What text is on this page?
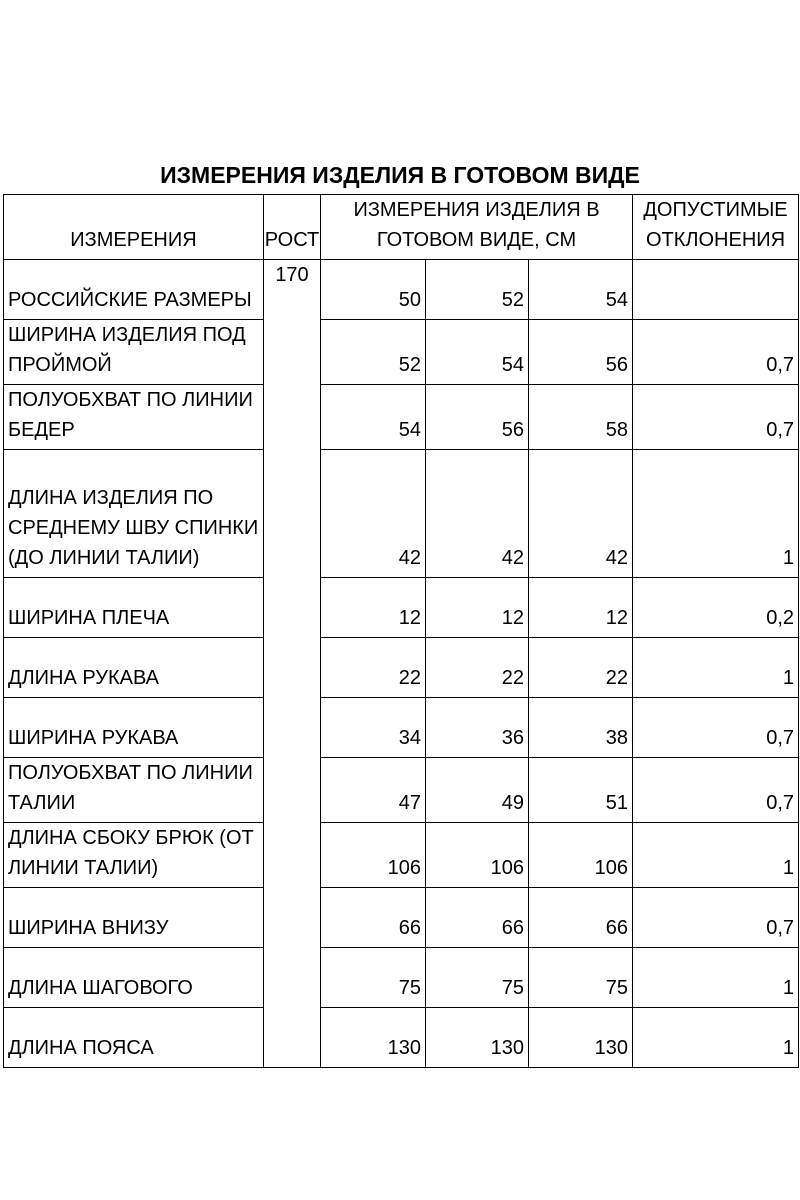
ИЗМЕРЕНИЯ ИЗДЕЛИЯ В ГОТОВОМ ВИДЕ
ИЗМЕРЕНИЯ	РОСТ	ИЗМЕРЕНИЯ ИЗДЕЛИЯ В ГОТОВОМ ВИДЕ, СМ			ДОПУСТИМЫЕ ОТКЛОНЕНИЯ
РОССИЙСКИЕ РАЗМЕРЫ	170	50	52	54	
ШИРИНА ИЗДЕЛИЯ ПОД ПРОЙМОЙ		52	54	56	0,7
ПОЛУОБХВАТ ПО ЛИНИИ БЕДЕР		54	56	58	0,7
ДЛИНА ИЗДЕЛИЯ ПО СРЕДНЕМУ ШВУ СПИНКИ (ДО ЛИНИИ ТАЛИИ)		42	42	42	1
ШИРИНА ПЛЕЧА		12	12	12	0,2
ДЛИНА РУКАВА		22	22	22	1
ШИРИНА РУКАВА		34	36	38	0,7
ПОЛУОБХВАТ ПО ЛИНИИ ТАЛИИ		47	49	51	0,7
ДЛИНА СБОКУ БРЮК (ОТ ЛИНИИ ТАЛИИ)		106	106	106	1
ШИРИНА ВНИЗУ		66	66	66	0,7
ДЛИНА ШАГОВОГО		75	75	75	1
ДЛИНА ПОЯСА		130	130	130	1
